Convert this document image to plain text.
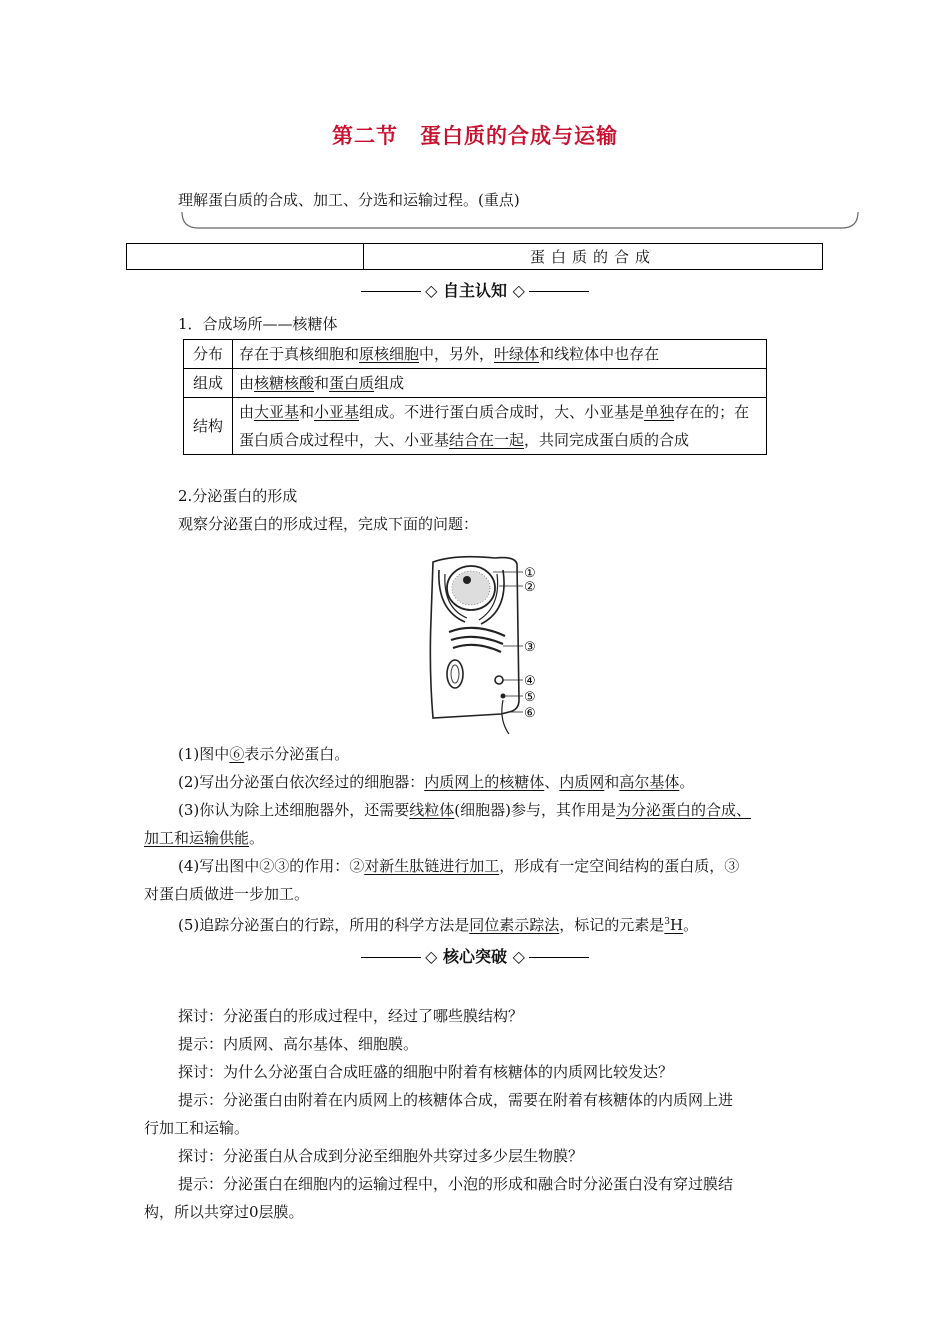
第二节　蛋白质的合成与运输
理解蛋白质的合成、加工、分选和运输过程。(重点)
蛋白质的合成
◇ 自主认知 ◇
1．合成场所——核糖体
分布	存在于真核细胞和原核细胞中，另外，叶绿体和线粒体中也存在
组成	由核糖核酸和蛋白质组成
结构	由大亚基和小亚基组成。不进行蛋白质合成时，大、小亚基是单独存在的；在蛋白质合成过程中，大、小亚基结合在一起，共同完成蛋白质的合成
2.分泌蛋白的形成
观察分泌蛋白的形成过程，完成下面的问题：
①
②
③
④
⑤
⑥
(1)图中⑥表示分泌蛋白。
(2)写出分泌蛋白依次经过的细胞器：内质网上的核糖体、内质网和高尔基体。
(3)你认为除上述细胞器外，还需要线粒体(细胞器)参与，其作用是为分泌蛋白的合成、
加工和运输供能。
(4)写出图中②③的作用：②对新生肽链进行加工，形成有一定空间结构的蛋白质，③
对蛋白质做进一步加工。
(5)追踪分泌蛋白的行踪，所用的科学方法是同位素示踪法，标记的元素是$^3$H。
◇ 核心突破 ◇
探讨：分泌蛋白的形成过程中，经过了哪些膜结构？
提示：内质网、高尔基体、细胞膜。
探讨：为什么分泌蛋白合成旺盛的细胞中附着有核糖体的内质网比较发达？
提示：分泌蛋白由附着在内质网上的核糖体合成，需要在附着有核糖体的内质网上进
行加工和运输。
探讨：分泌蛋白从合成到分泌至细胞外共穿过多少层生物膜？
提示：分泌蛋白在细胞内的运输过程中，小泡的形成和融合时分泌蛋白没有穿过膜结
构，所以共穿过0层膜。
